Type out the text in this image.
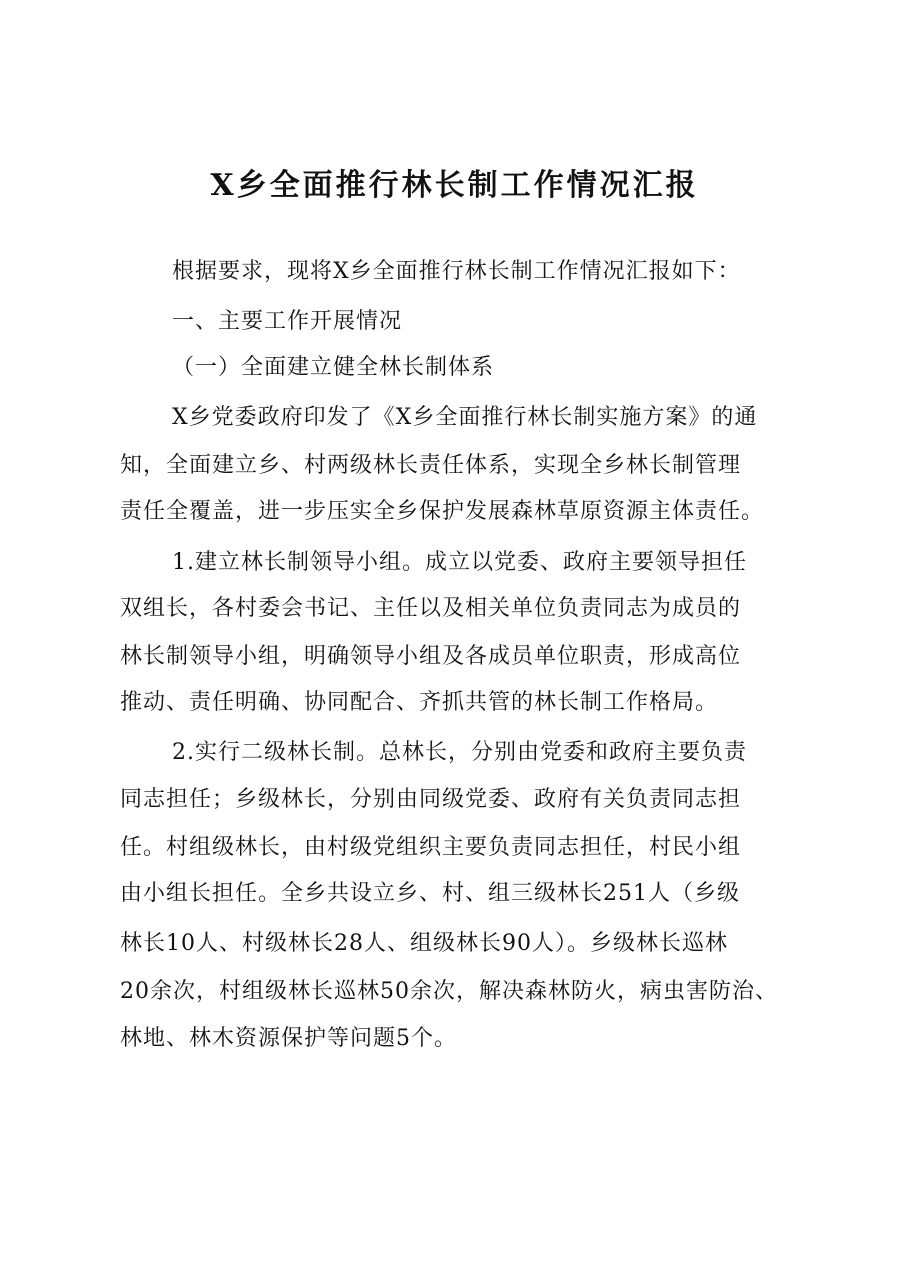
X乡全面推行林长制工作情况汇报

根据要求，现将X乡全面推行林长制工作情况汇报如下：

一、主要工作开展情况

（一）全面建立健全林长制体系

X乡党委政府印发了《X乡全面推行林长制实施方案》的通

知，全面建立乡、村两级林长责任体系，实现全乡林长制管理

责任全覆盖，进一步压实全乡保护发展森林草原资源主体责任。

1.建立林长制领导小组。成立以党委、政府主要领导担任

双组长，各村委会书记、主任以及相关单位负责同志为成员的

林长制领导小组，明确领导小组及各成员单位职责，形成高位

推动、责任明确、协同配合、齐抓共管的林长制工作格局。

2.实行二级林长制。总林长，分别由党委和政府主要负责

同志担任；乡级林长，分别由同级党委、政府有关负责同志担

任。村组级林长，由村级党组织主要负责同志担任，村民小组

由小组长担任。全乡共设立乡、村、组三级林长251人（乡级

林长10人、村级林长28人、组级林长90人）。乡级林长巡林

20余次，村组级林长巡林50余次，解决森林防火，病虫害防治、

林地、林木资源保护等问题5个。
